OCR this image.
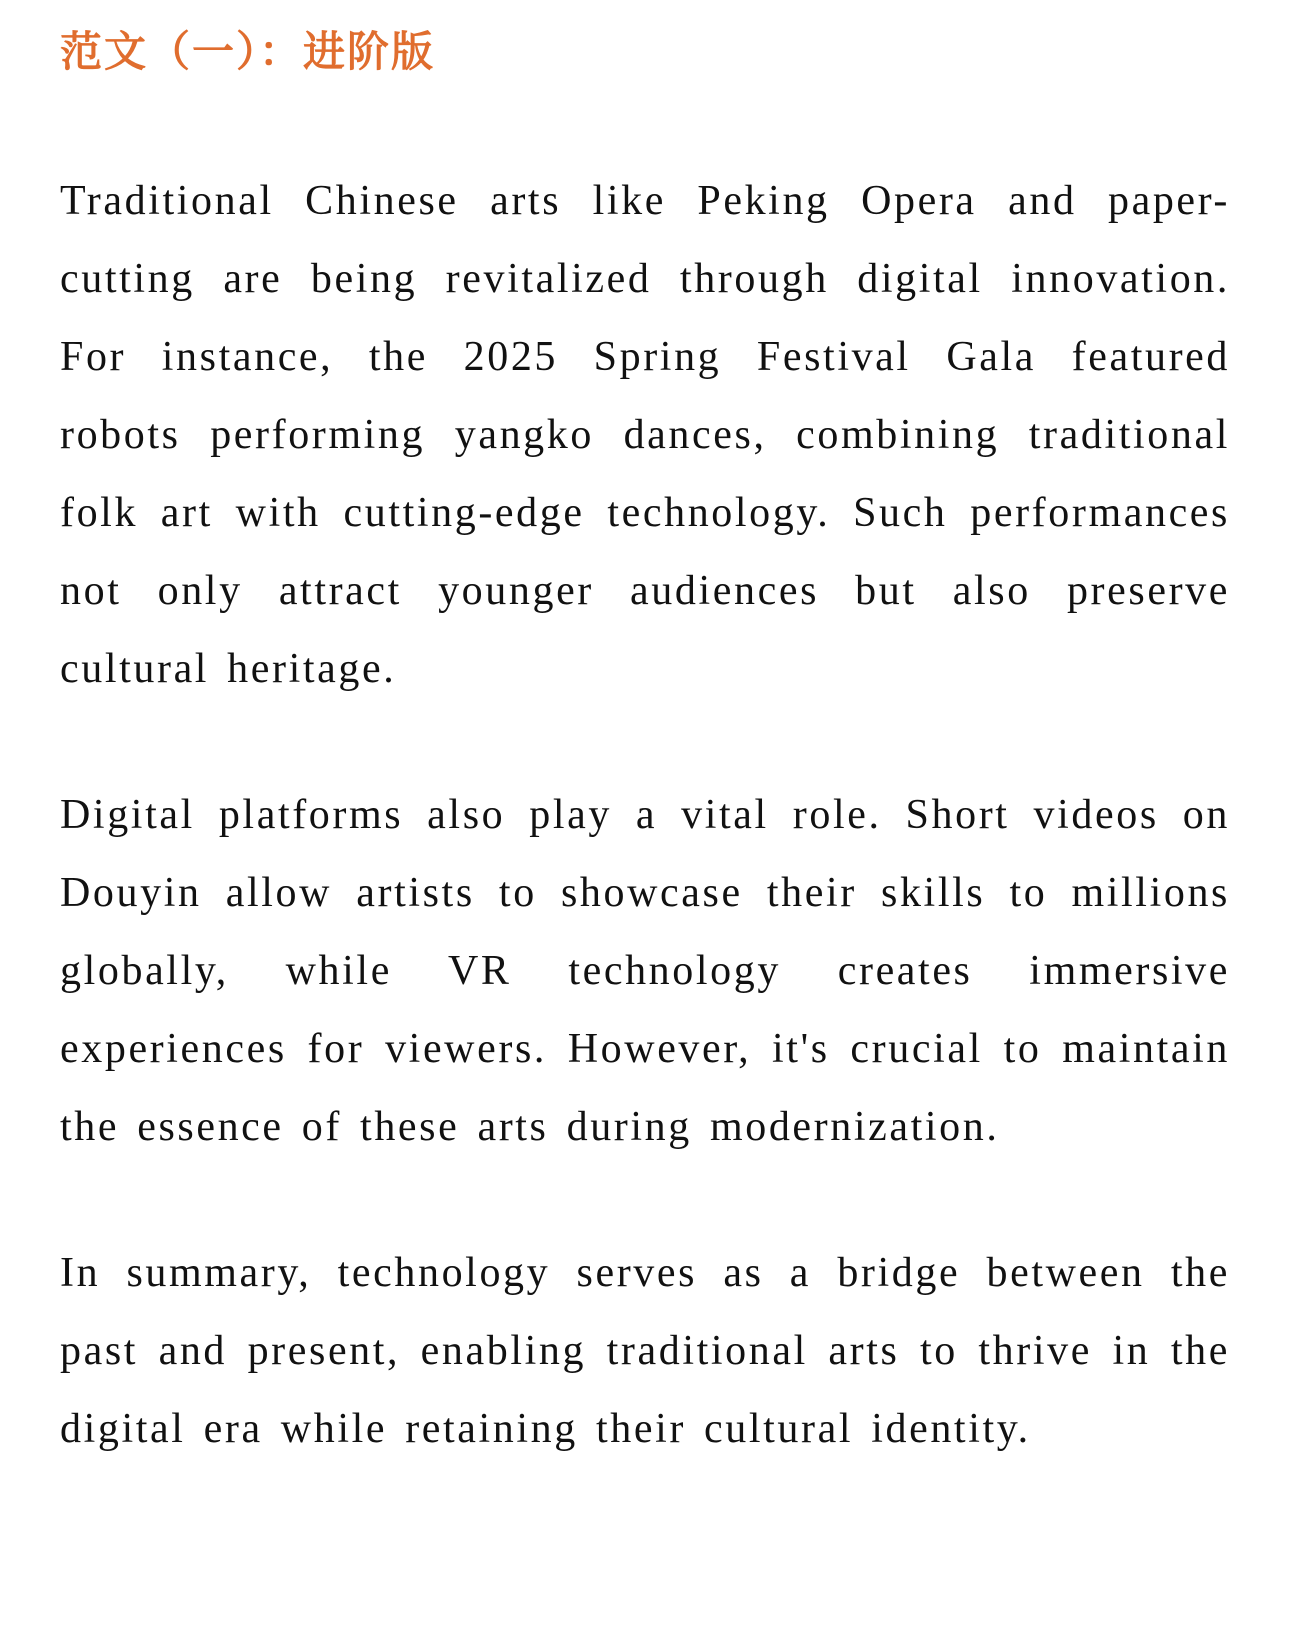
范文（一）：进阶版

Traditional Chinese arts like Peking Opera and paper-cutting are being revitalized through digital innovation. For instance, the 2025 Spring Festival Gala featured robots performing yangko dances, combining traditional folk art with cutting-edge technology. Such performances not only attract younger audiences but also preserve cultural heritage.

Digital platforms also play a vital role. Short videos on Douyin allow artists to showcase their skills to millions globally, while VR technology creates immersive experiences for viewers. However, it's crucial to maintain the essence of these arts during modernization.

In summary, technology serves as a bridge between the past and present, enabling traditional arts to thrive in the digital era while retaining their cultural identity.
